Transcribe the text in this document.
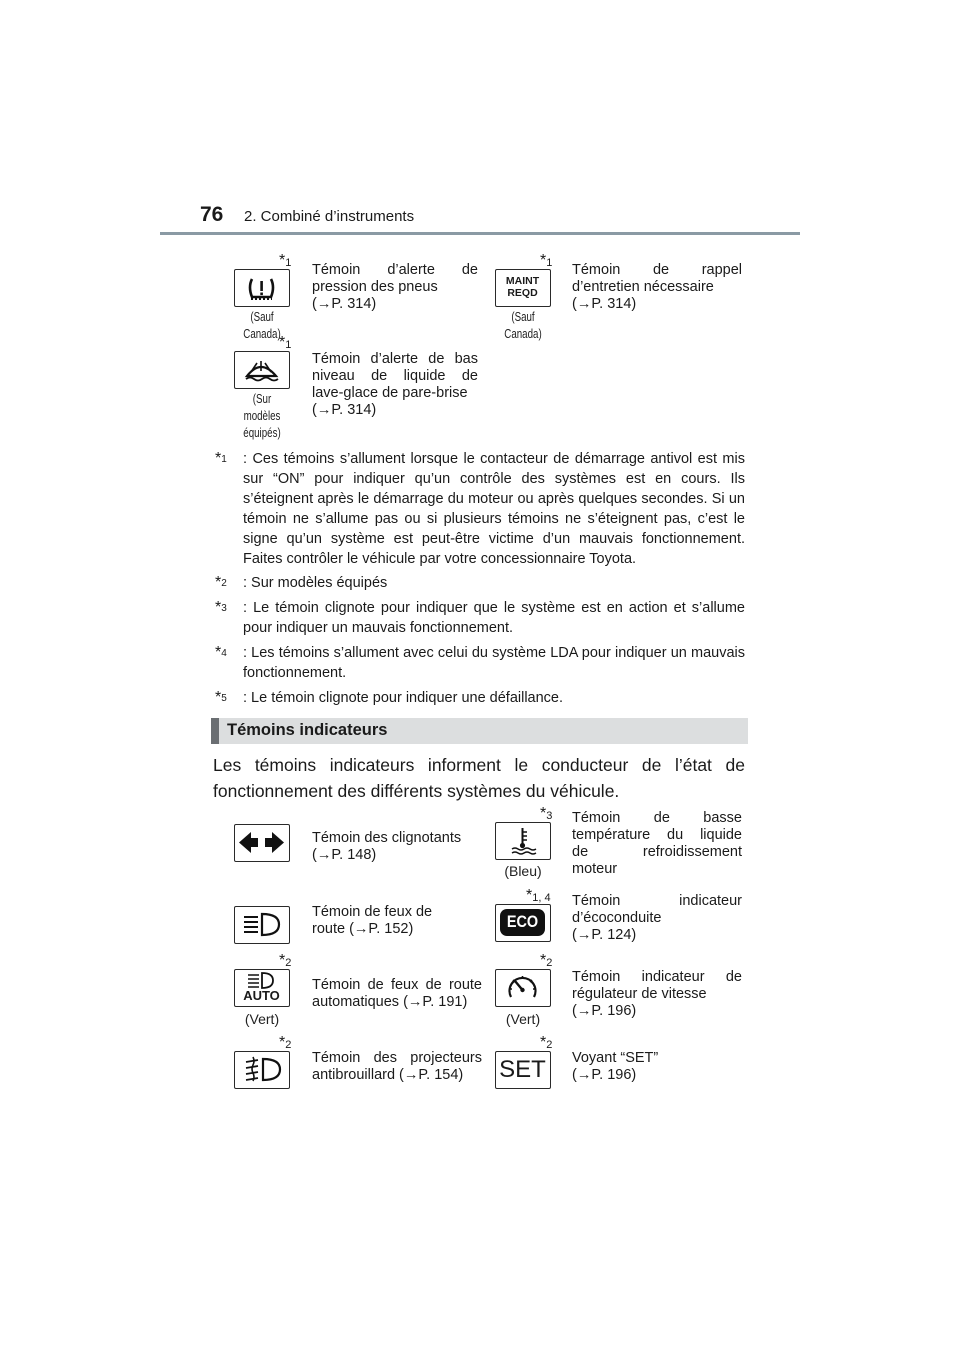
76 2. Combiné d’instruments
*$^1$
(Sauf Canada)
Témoin d’alerte de
pression des pneus
(→P. 314)
*$^1$
MAINT
REQD
(Sauf Canada)
Témoin de rappel
d’entretien nécessaire
(→P. 314)
*$^1$
(Sur
modèles
équipés)
Témoin d’alerte de bas
niveau de liquide de
lave-glace de pare-brise
(→P. 314)
*$^1$ : Ces témoins s’allument lorsque le contacteur de démarrage antivol est mis sur “ON” pour indiquer qu’un contrôle des systèmes est en cours. Ils s’éteignent après le démarrage du moteur ou après quelques secondes. Si un témoin ne s’allume pas ou si plusieurs témoins ne s’éteignent pas, c’est le signe qu’un système est peut-être victime d’un mauvais fonctionnement. Faites contrôler le véhicule par votre concessionnaire Toyota.
*$^2$ : Sur modèles équipés
*$^3$ : Le témoin clignote pour indiquer que le système est en action et s’allume pour indiquer un mauvais fonctionnement.
*$^4$ : Les témoins s’allument avec celui du système LDA pour indiquer un mauvais fonctionnement.
*$^5$ : Le témoin clignote pour indiquer une défaillance.
Témoins indicateurs
Les témoins indicateurs informent le conducteur de l’état de
fonctionnement des différents systèmes du véhicule.
Témoin des clignotants
(→P. 148)
*$^3$
(Bleu)
Témoin de basse
température du liquide
de refroidissement
moteur
Témoin de feux de
route (→P. 152)
*$^{1, 4}$
ECO
Témoin indicateur
d’écoconduite
(→P. 124)
*$^2$
AUTO
(Vert)
Témoin de feux de route
automatiques (→P. 191)
*$^2$
(Vert)
Témoin indicateur de
régulateur de vitesse
(→P. 196)
*$^2$
Témoin des projecteurs
antibrouillard (→P. 154)
*$^2$
SET Voyant “SET”
(→P. 196)
